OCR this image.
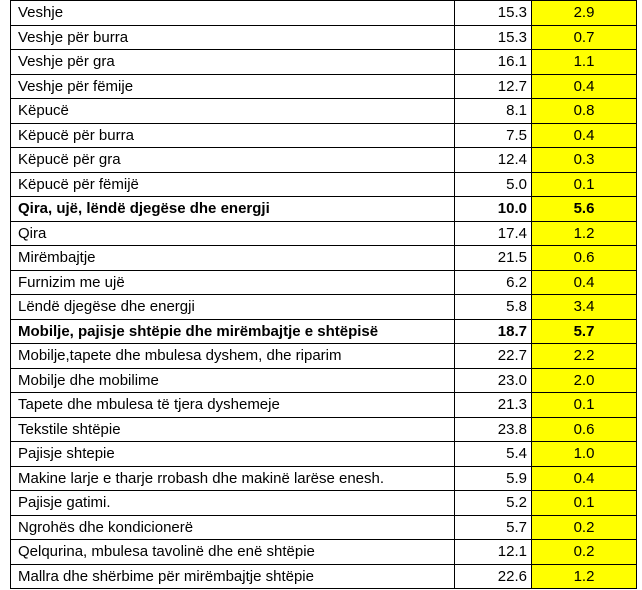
Veshje	15.3	2.9
Veshje për burra	15.3	0.7
Veshje për gra	16.1	1.1
Veshje për fëmije	12.7	0.4
Këpucë	8.1	0.8
Këpucë për burra	7.5	0.4
Këpucë për gra	12.4	0.3
Këpucë për fëmijë	5.0	0.1
Qira, ujë, lëndë djegëse dhe energji	10.0	5.6
Qira	17.4	1.2
Mirëmbajtje	21.5	0.6
Furnizim me ujë	6.2	0.4
Lëndë djegëse dhe energji	5.8	3.4
Mobilje, pajisje shtëpie dhe mirëmbajtje e shtëpisë	18.7	5.7
Mobilje,tapete dhe mbulesa dyshem, dhe riparim	22.7	2.2
Mobilje dhe mobilime	23.0	2.0
Tapete dhe mbulesa të tjera dyshemeje	21.3	0.1
Tekstile shtëpie	23.8	0.6
Pajisje shtepie	5.4	1.0
Makine larje e tharje rrobash dhe makinë larëse enesh.	5.9	0.4
Pajisje gatimi.	5.2	0.1
Ngrohës dhe kondicionerë	5.7	0.2
Qelqurina, mbulesa tavolinë dhe enë shtëpie	12.1	0.2
Mallra dhe shërbime për mirëmbajtje shtëpie	22.6	1.2
